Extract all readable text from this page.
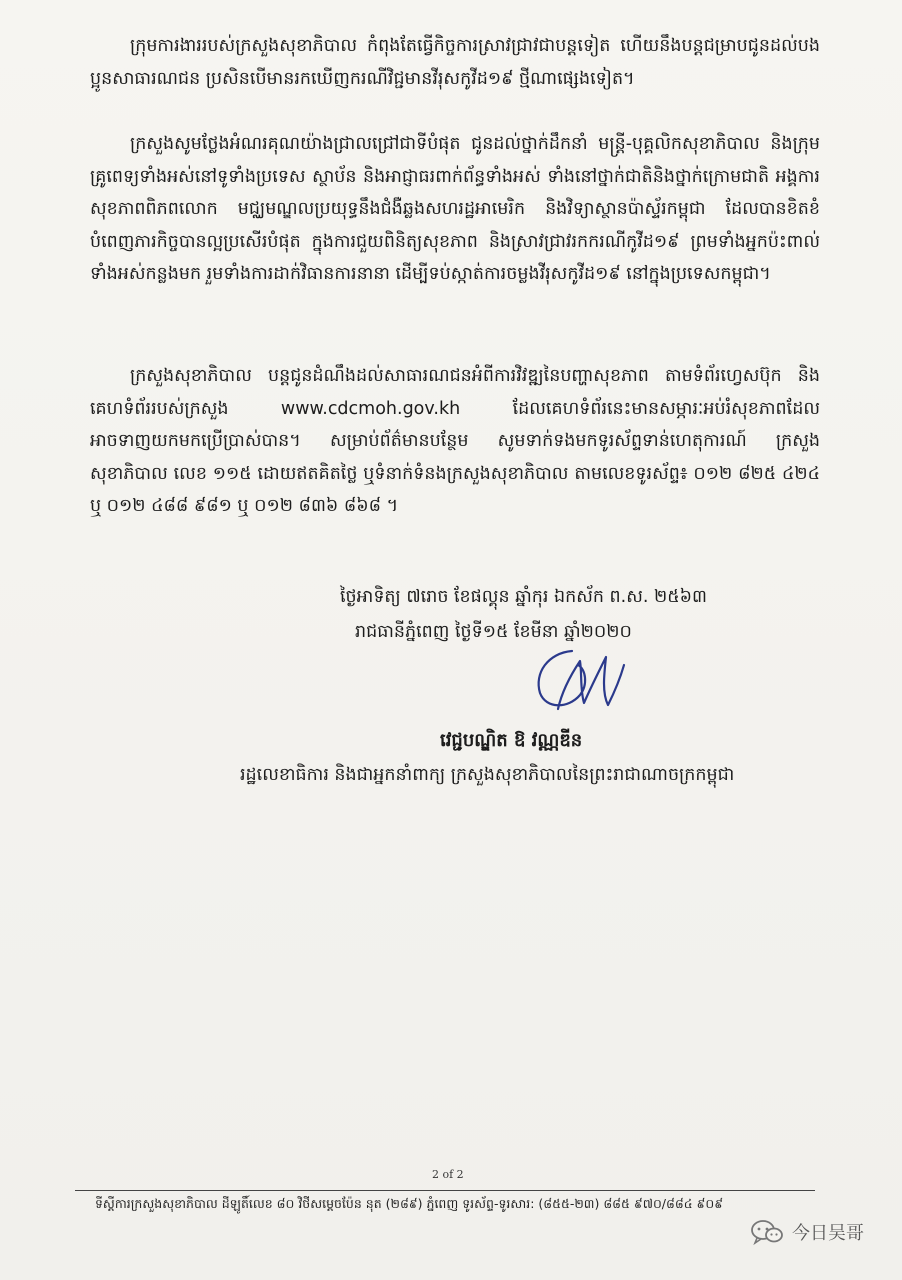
ក្រុមការងាររបស់ក្រសួងសុខាភិបាល កំពុងតែធ្វើកិច្ចការស្រាវជ្រាវជាបន្តទៀត ហើយនឹងបន្តជម្រាបជូនដល់បងប្អូនសាធារណជន ប្រសិនបើមានរកឃើញករណីវិជ្ជមានវីរុសកូវីដ១៩ ថ្មីណាផ្សេងទៀត។

ក្រសួងសូមថ្លែងអំណរគុណយ៉ាងជ្រាលជ្រៅជាទីបំផុត ជូនដល់ថ្នាក់ដឹកនាំ មន្ត្រី-បុគ្គលិកសុខាភិបាល និងក្រុមគ្រូពេទ្យទាំងអស់នៅទូទាំងប្រទេស ស្ថាប័ន និងអាជ្ញាធរពាក់ព័ន្ធទាំងអស់ ទាំងនៅថ្នាក់ជាតិនិងថ្នាក់ក្រោមជាតិ អង្គការសុខភាពពិភពលោក មជ្ឈមណ្ឌលប្រយុទ្ធនឹងជំងឺឆ្លងសហរដ្ឋអាមេរិក និងវិទ្យាស្ថានប៉ាស្ទ័រកម្ពុជា ដែលបានខិតខំបំពេញភារកិច្ចបានល្អប្រសើរបំផុត ក្នុងការជួយពិនិត្យសុខភាព និងស្រាវជ្រាវរកករណីកូវីដ១៩ ព្រមទាំងអ្នកប៉ះពាល់ទាំងអស់កន្លងមក រួមទាំងការដាក់វិធានការនានា ដើម្បីទប់ស្កាត់ការចម្លងវីរុសកូវីដ១៩ នៅក្នុងប្រទេសកម្ពុជា។

ក្រសួងសុខាភិបាល បន្តជូនដំណឹងដល់សាធារណជនអំពីការវិវឌ្ឍនៃបញ្ហាសុខភាព តាមទំព័រហ្វេសប៊ុក និងគេហទំព័ររបស់ក្រសួង www.cdcmoh.gov.kh ដែលគេហទំព័រនេះមានសម្ភារៈអប់រំសុខភាពដែលអាចទាញយកមកប្រើប្រាស់បាន។ សម្រាប់ព័ត៌មានបន្ថែម សូមទាក់ទងមកទូរស័ព្ទទាន់ហេតុការណ៍ ក្រសួងសុខាភិបាល លេខ ១១៥ ដោយឥតគិតថ្លៃ ឬទំនាក់ទំនងក្រសួងសុខាភិបាល តាមលេខទូរស័ព្ទ៖ ០១២ ៨២៥ ៤២៤ ឬ ០១២ ៤៨៨ ៩៨១ ឬ ០១២ ៨៣៦ ៨៦៨ ។

ថ្ងៃអាទិត្យ ៧រោច ខែផល្គុន ឆ្នាំកុរ ឯកស័ក ព.ស. ២៥៦៣
រាជធានីភ្នំពេញ ថ្ងៃទី១៥ ខែមីនា ឆ្នាំ២០២០
វេជ្ជបណ្ឌិត ឱ វណ្ណឌីន
រដ្ឋលេខាធិការ និងជាអ្នកនាំពាក្យ ក្រសួងសុខាភិបាលនៃព្រះរាជាណាចក្រកម្ពុជា
2 of 2
ទីស្តីការក្រសួងសុខាភិបាល ដីឡូតិ៍លេខ ៨០ វិថីសម្តេចប៉ែន នុត (២៨៩) ភ្នំពេញ ទូរស័ព្ទ-ទូរសារ: (៨៥៥-២៣) ៨៨៥ ៩៧០/៨៨៤ ៩០៩
今日吴哥
